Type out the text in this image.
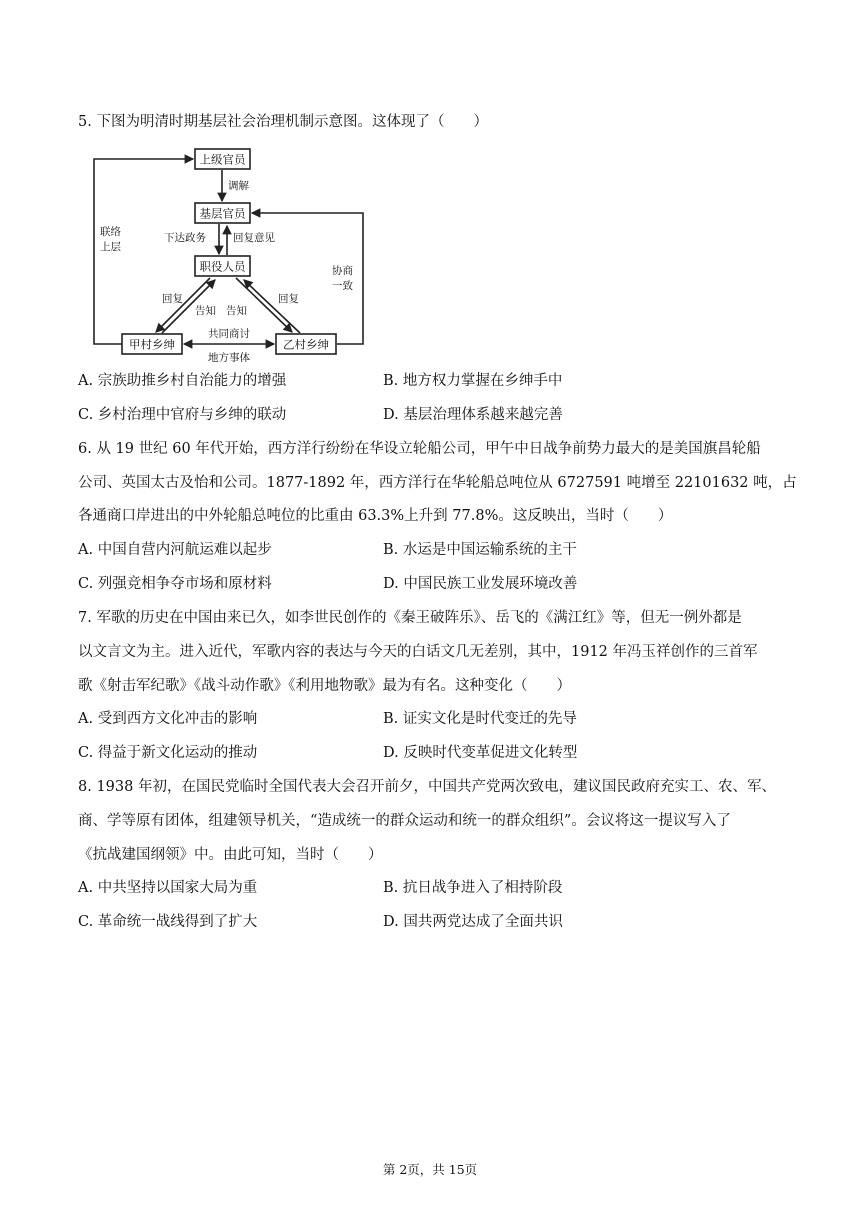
5. 下图为明清时期基层社会治理机制示意图。这体现了（　　）
上级官员
基层官员
职役人员
甲村乡绅	乙村乡绅
调解
下达政务	回复意见
联络
上层
协商
一致
回复
告知 告知
回复
共同商讨
地方事体
A. 宗族助推乡村自治能力的增强	B. 地方权力掌握在乡绅手中
C. 乡村治理中官府与乡绅的联动	D. 基层治理体系越来越完善
6. 从 19 世纪 60 年代开始，西方洋行纷纷在华设立轮船公司，甲午中日战争前势力最大的是美国旗昌轮船
公司、英国太古及怡和公司。1877-1892 年，西方洋行在华轮船总吨位从 6727591 吨增至 22101632 吨，占
各通商口岸进出的中外轮船总吨位的比重由 63.3%上升到 77.8%。这反映出，当时（　　）
A. 中国自营内河航运难以起步	B. 水运是中国运输系统的主干
C. 列强竞相争夺市场和原材料	D. 中国民族工业发展环境改善
7. 军歌的历史在中国由来已久，如李世民创作的《秦王破阵乐》、岳飞的《满江红》等，但无一例外都是
以文言文为主。进入近代，军歌内容的表达与今天的白话文几无差别，其中，1912 年冯玉祥创作的三首军
歌《射击军纪歌》《战斗动作歌》《利用地物歌》最为有名。这种变化（　　）
A. 受到西方文化冲击的影响	B. 证实文化是时代变迁的先导
C. 得益于新文化运动的推动	D. 反映时代变革促进文化转型
8. 1938 年初，在国民党临时全国代表大会召开前夕，中国共产党两次致电，建议国民政府充实工、农、军、
商、学等原有团体，组建领导机关，“造成统一的群众运动和统一的群众组织”。会议将这一提议写入了
《抗战建国纲领》中。由此可知，当时（　　）
A. 中共坚持以国家大局为重	B. 抗日战争进入了相持阶段
C. 革命统一战线得到了扩大	D. 国共两党达成了全面共识
第 2页，共 15页
